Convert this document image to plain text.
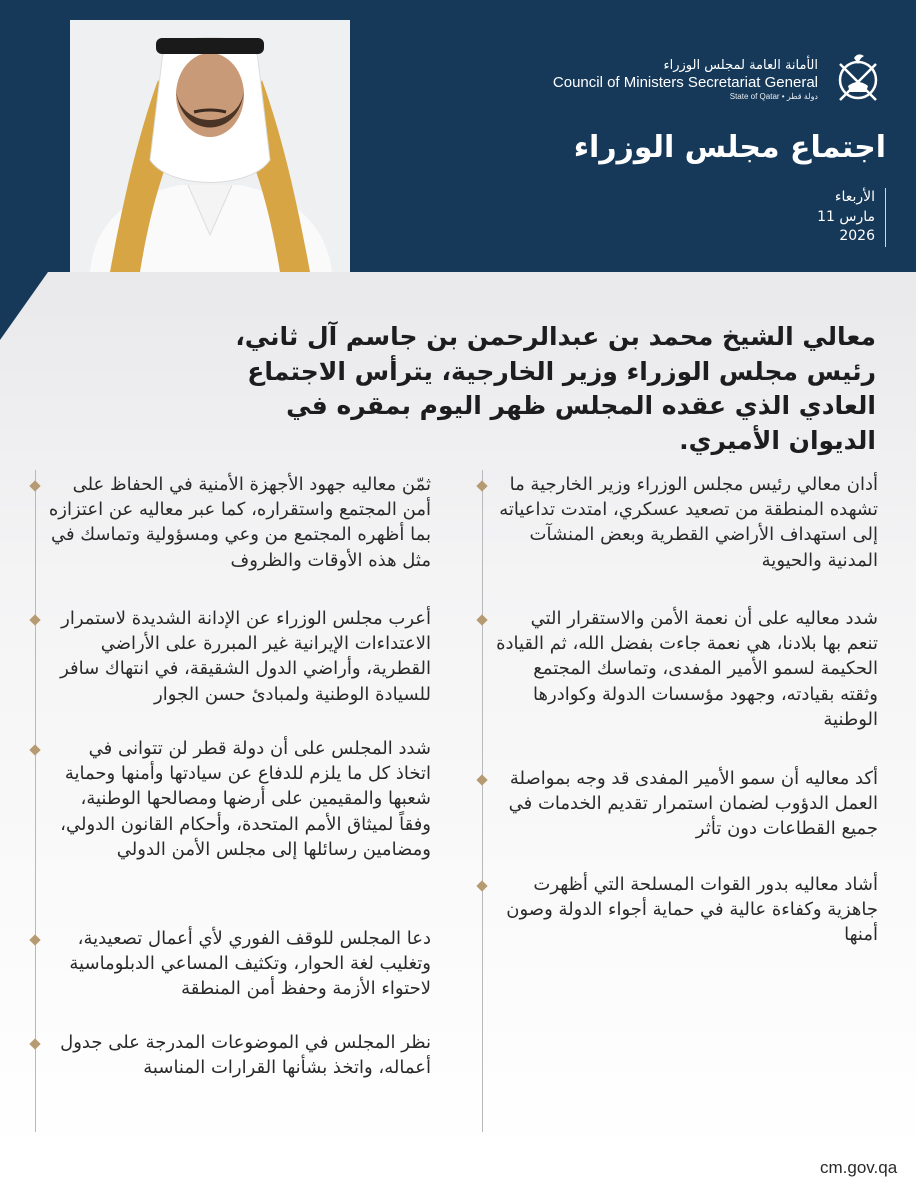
الأمانة العامة لمجلس الوزراء
Council of Ministers Secretariat General
State of Qatar • دولة قطر
اجتماع مجلس الوزراء
الأربعاء
11 مارس
2026
معالي الشيخ محمد بن عبدالرحمن بن جاسم آل ثاني، رئيس مجلس الوزراء وزير الخارجية، يترأس الاجتماع العادي الذي عقده المجلس ظهر اليوم بمقره في الديوان الأميري.
أدان معالي رئيس مجلس الوزراء وزير الخارجية ما تشهده المنطقة من تصعيد عسكري، امتدت تداعياته إلى استهداف الأراضي القطرية وبعض المنشآت المدنية والحيوية
شدد معاليه على أن نعمة الأمن والاستقرار التي تنعم بها بلادنا، هي نعمة جاءت بفضل الله، ثم القيادة الحكيمة لسمو الأمير المفدى، وتماسك المجتمع وثقته بقيادته، وجهود مؤسسات الدولة وكوادرها الوطنية
أكد معاليه أن سمو الأمير المفدى قد وجه بمواصلة العمل الدؤوب لضمان استمرار تقديم الخدمات في جميع القطاعات دون تأثر
أشاد معاليه بدور القوات المسلحة التي أظهرت جاهزية وكفاءة عالية في حماية أجواء الدولة وصون أمنها
ثمّن معاليه جهود الأجهزة الأمنية في الحفاظ على أمن المجتمع واستقراره، كما عبر معاليه عن اعتزازه بما أظهره المجتمع من وعي ومسؤولية وتماسك في مثل هذه الأوقات والظروف
أعرب مجلس الوزراء عن الإدانة الشديدة لاستمرار الاعتداءات الإيرانية غير المبررة على الأراضي القطرية، وأراضي الدول الشقيقة، في انتهاك سافر للسيادة الوطنية ولمبادئ حسن الجوار
شدد المجلس على أن دولة قطر لن تتوانى في اتخاذ كل ما يلزم للدفاع عن سيادتها وأمنها وحماية شعبها والمقيمين على أرضها ومصالحها الوطنية، وفقاً لميثاق الأمم المتحدة، وأحكام القانون الدولي، ومضامين رسائلها إلى مجلس الأمن الدولي
دعا المجلس للوقف الفوري لأي أعمال تصعيدية، وتغليب لغة الحوار، وتكثيف المساعي الدبلوماسية لاحتواء الأزمة وحفظ أمن المنطقة
نظر المجلس في الموضوعات المدرجة على جدول أعماله، واتخذ بشأنها القرارات المناسبة
cm.gov.qa
